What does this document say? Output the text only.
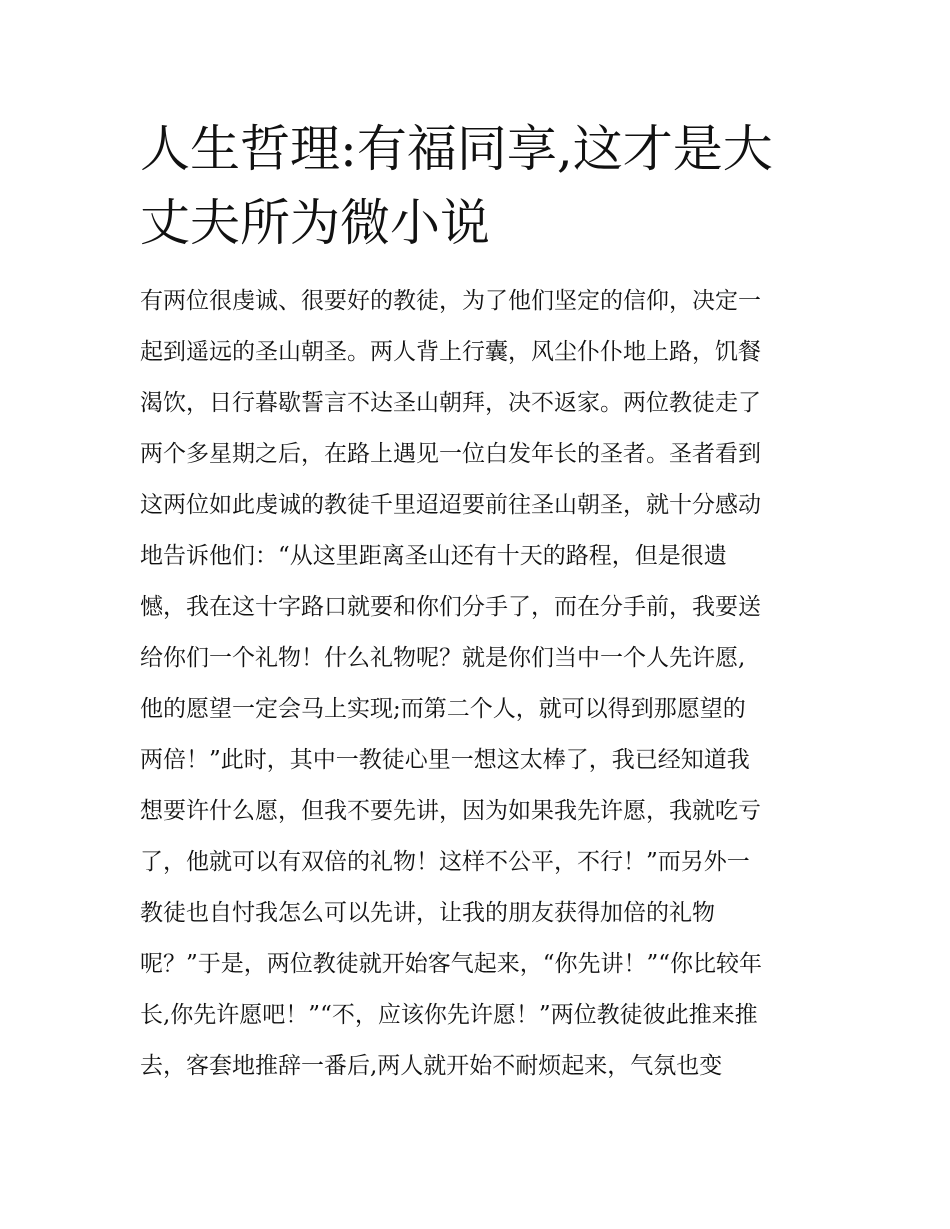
人生哲理:有福同享,这才是大
丈夫所为微小说
有两位很虔诚、很要好的教徒，为了他们坚定的信仰，决定一
起到遥远的圣山朝圣。两人背上行囊，风尘仆仆地上路，饥餐
渴饮，日行暮歇誓言不达圣山朝拜，决不返家。两位教徒走了
两个多星期之后，在路上遇见一位白发年长的圣者。圣者看到
这两位如此虔诚的教徒千里迢迢要前往圣山朝圣，就十分感动
地告诉他们：“从这里距离圣山还有十天的路程，但是很遗
憾，我在这十字路口就要和你们分手了，而在分手前，我要送
给你们一个礼物！什么礼物呢？就是你们当中一个人先许愿,
他的愿望一定会马上实现;而第二个人，就可以得到那愿望的
两倍！”此时，其中一教徒心里一想这太棒了，我已经知道我
想要许什么愿，但我不要先讲，因为如果我先许愿，我就吃亏
了，他就可以有双倍的礼物！这样不公平，不行！”而另外一
教徒也自忖我怎么可以先讲，让我的朋友获得加倍的礼物
呢？”于是，两位教徒就开始客气起来，“你先讲！”“你比较年
长,你先许愿吧！”“不，应该你先许愿！”两位教徒彼此推来推
去，客套地推辞一番后,两人就开始不耐烦起来，气氛也变
